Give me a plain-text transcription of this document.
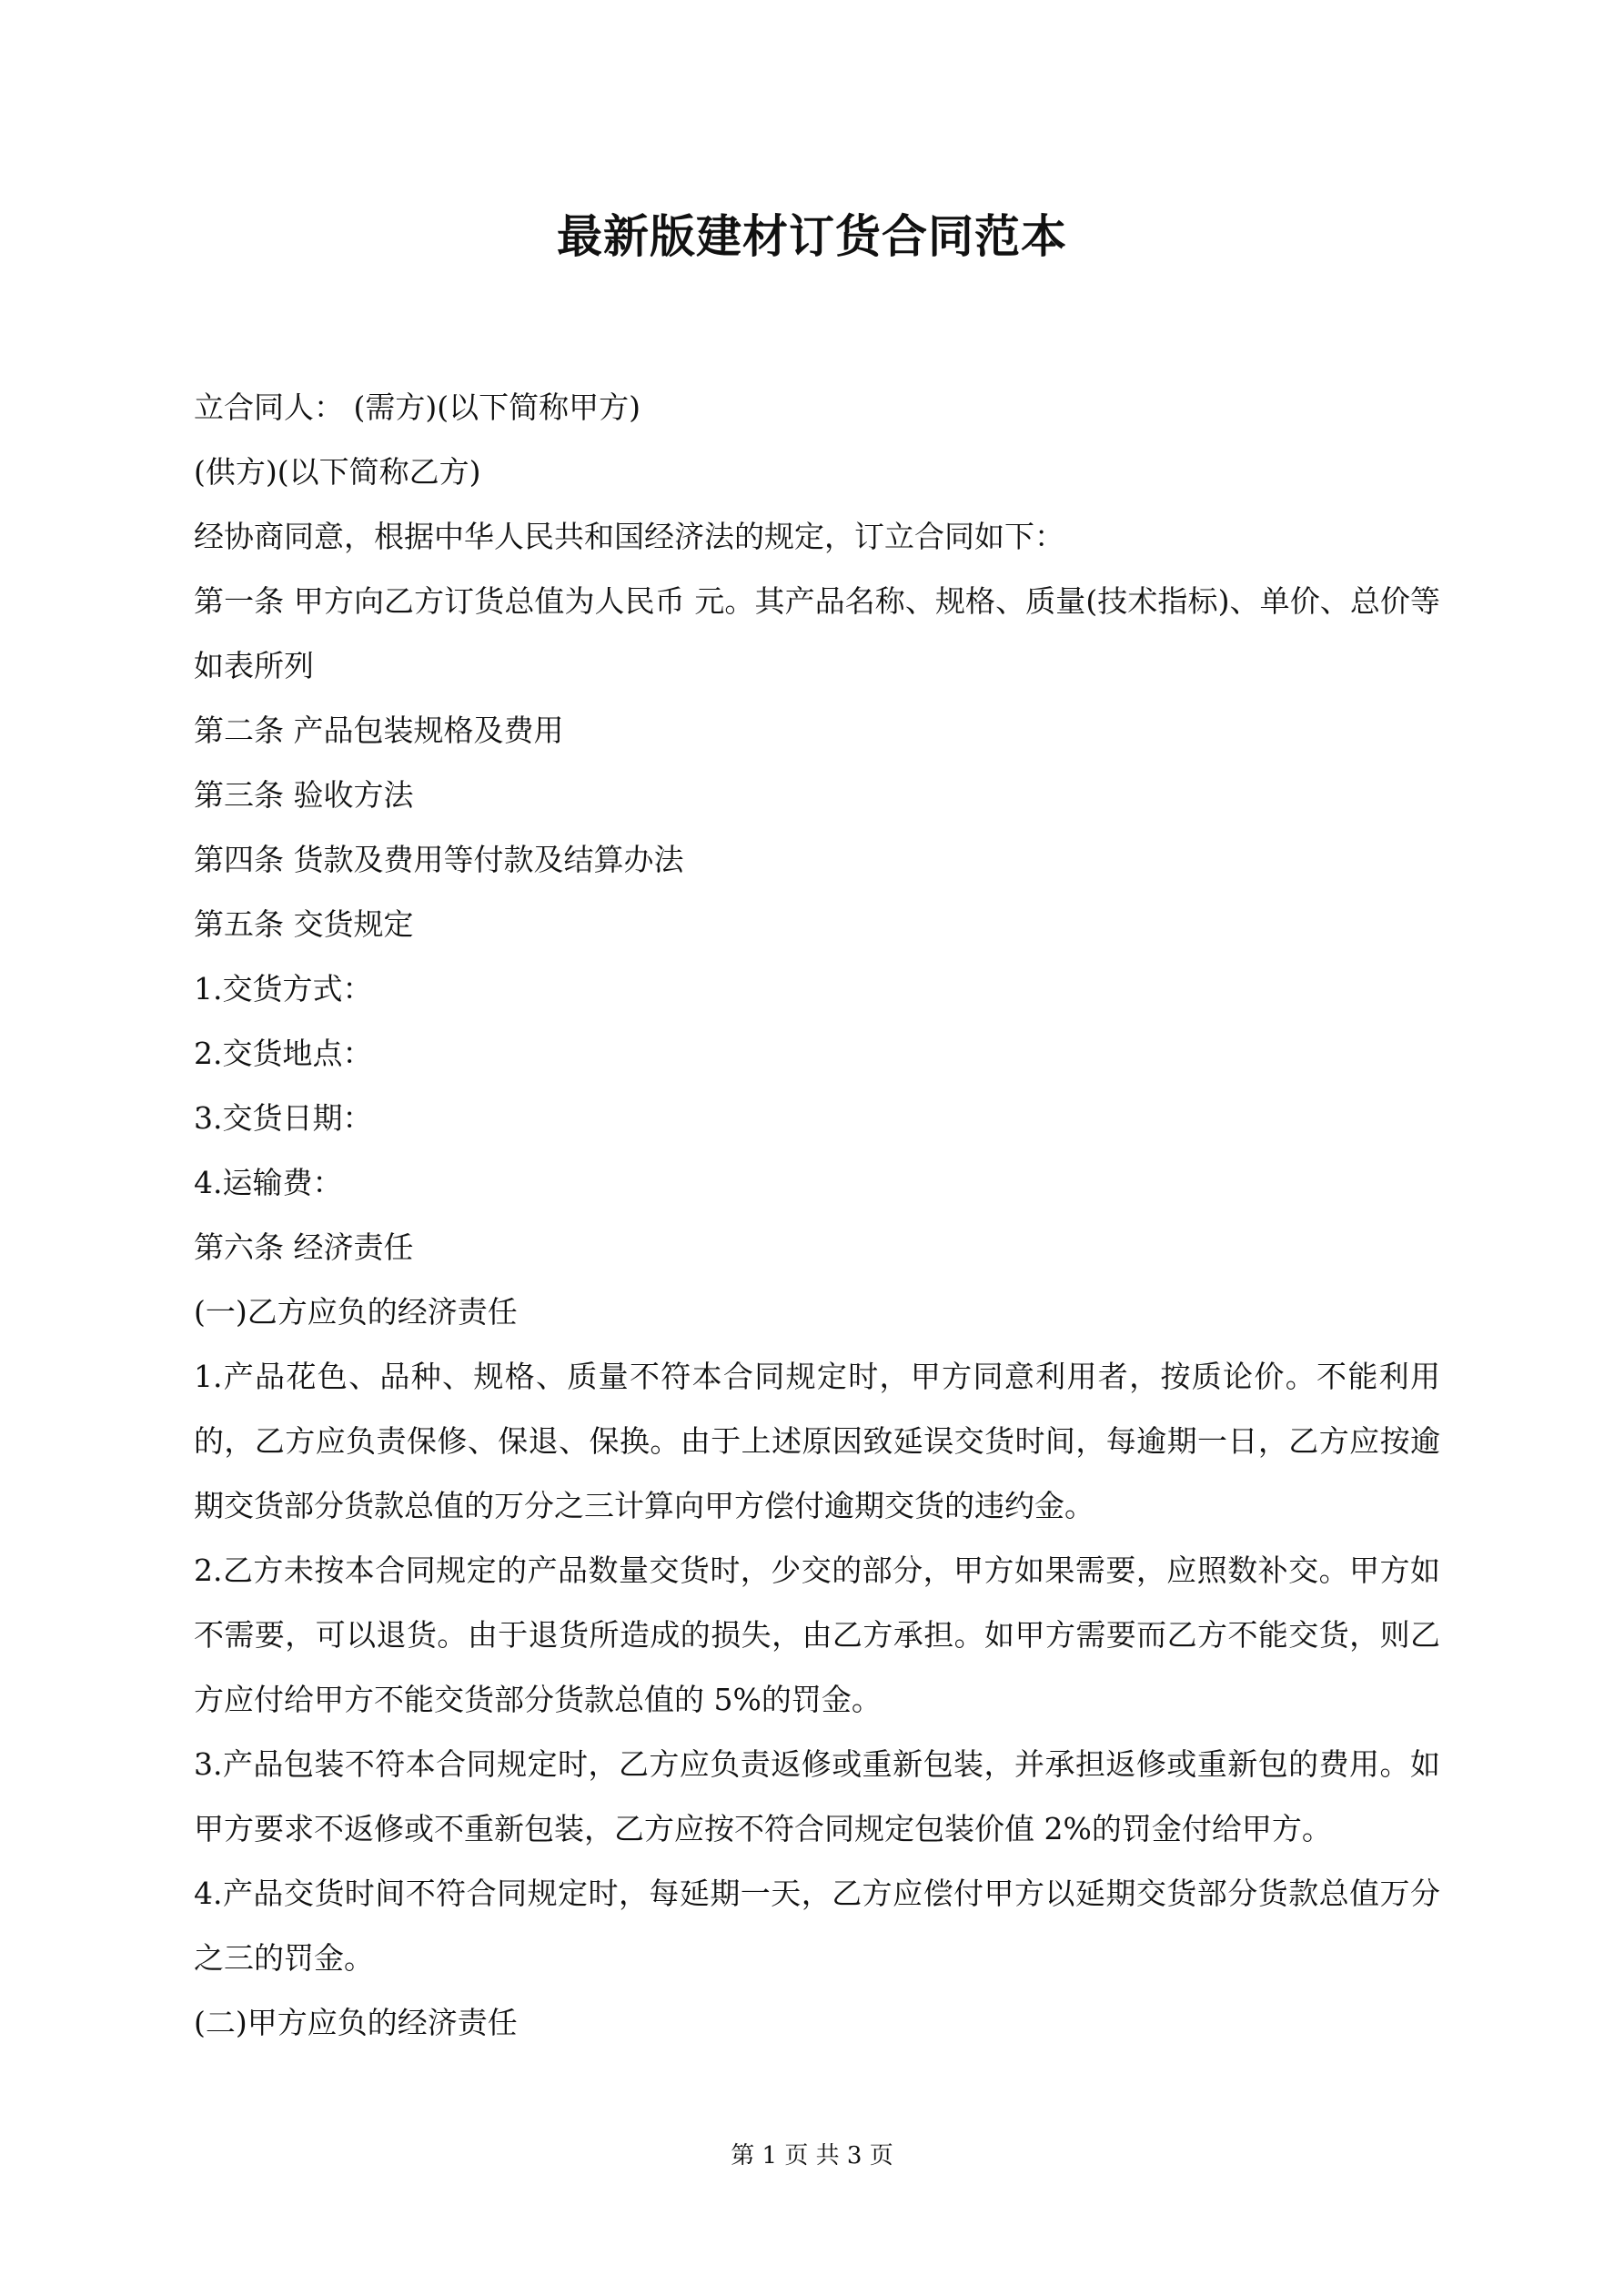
最新版建材订货合同范本

立合同人： (需方)(以下简称甲方)

(供方)(以下简称乙方)

经协商同意，根据中华人民共和国经济法的规定，订立合同如下：

第一条 甲方向乙方订货总值为人民币 元。其产品名称、规格、质量(技术指标)、单价、总价等如表所列

第二条 产品包装规格及费用

第三条 验收方法

第四条 货款及费用等付款及结算办法

第五条 交货规定

1.交货方式：

2.交货地点：

3.交货日期：

4.运输费：

第六条 经济责任

(一)乙方应负的经济责任

1.产品花色、品种、规格、质量不符本合同规定时，甲方同意利用者，按质论价。不能利用的，乙方应负责保修、保退、保换。由于上述原因致延误交货时间，每逾期一日，乙方应按逾期交货部分货款总值的万分之三计算向甲方偿付逾期交货的违约金。

2.乙方未按本合同规定的产品数量交货时，少交的部分，甲方如果需要，应照数补交。甲方如不需要，可以退货。由于退货所造成的损失，由乙方承担。如甲方需要而乙方不能交货，则乙方应付给甲方不能交货部分货款总值的 5%的罚金。

3.产品包装不符本合同规定时，乙方应负责返修或重新包装，并承担返修或重新包的费用。如甲方要求不返修或不重新包装，乙方应按不符合同规定包装价值 2%的罚金付给甲方。

4.产品交货时间不符合同规定时，每延期一天，乙方应偿付甲方以延期交货部分货款总值万分之三的罚金。

(二)甲方应负的经济责任

第 1 页 共 3 页
